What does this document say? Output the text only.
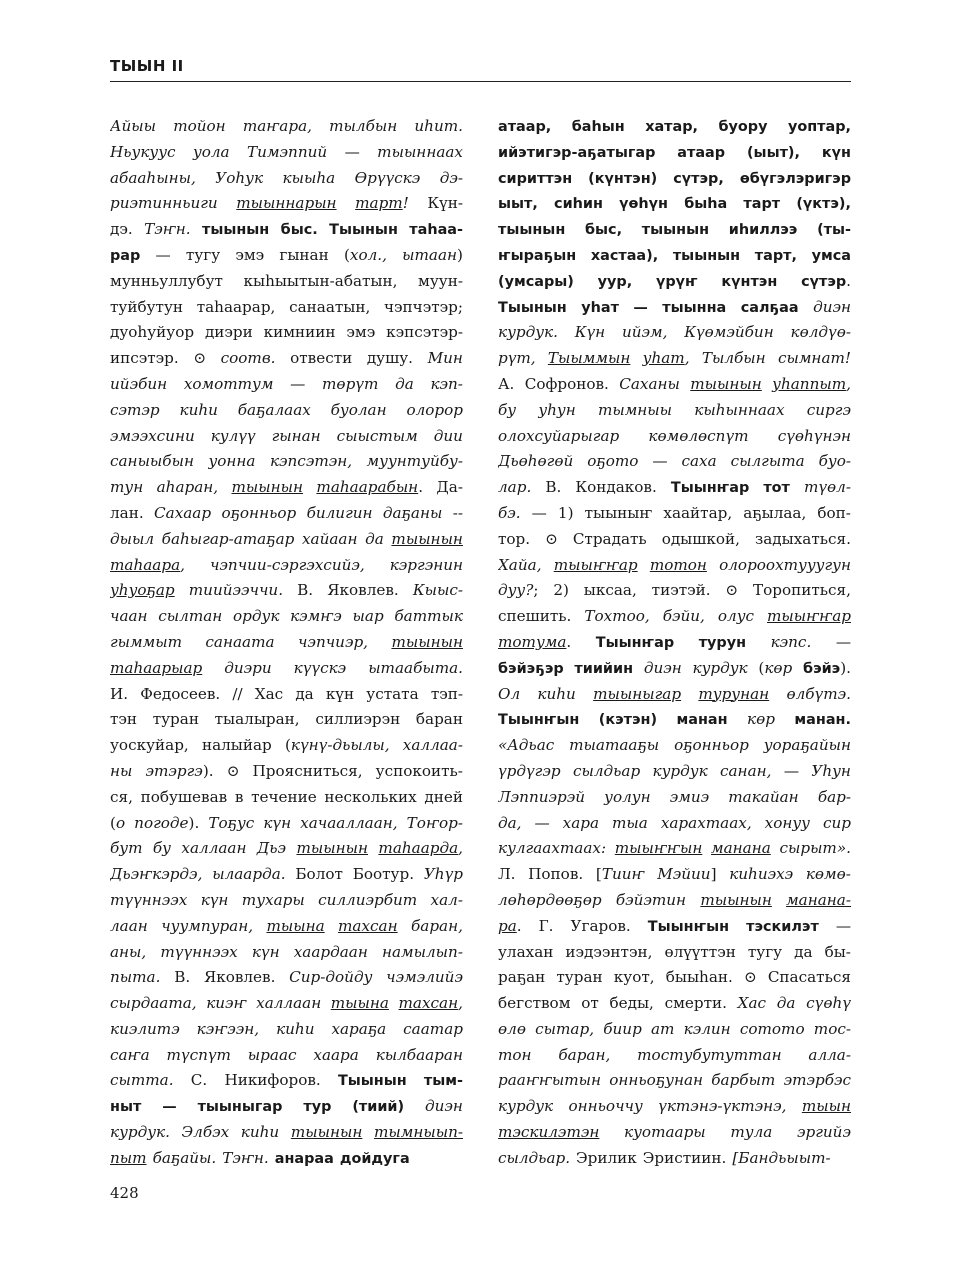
ТЫЫН II
Айыы тойон таҥара, тылбын иһит.
Ньукуус уола Тимэппий — тыыннаах
абааһыны, Уоһук кыыһа Өрүүскэ дэ-
риэтинньиги тыыннарын тарт! Күн-
дэ. Тэҥн. тыынын быс. Тыынын таһаа-
рар — тугу эмэ гынан (хол., ытаан)
мунньуллубут кыһыытын-абатын, муун-
туйбутун таһаарар, санаатын, чэпчэтэр;
дуоһуйуор диэри кимниин эмэ кэпсэтэр-
ипсэтэр. ⊙ соотв. отвести душу. Мин
ийэбин хомоттум — төрүт да кэп-
сэтэр киһи баҕалаах буолан олорор
эмээхсини кулүү гынан сыыстым дии
саныыбын уонна кэпсэтэн, муунтуйбу-
тун аһаран, тыынын таһаарабын. Да-
лан. Сахаар оҕонньор билигин даҕаны --
дыыл баһыгар-атаҕар хайаан да тыынын
таһаара, чэпчии-сэргэхсийэ, кэргэнин
уһуоҕар тиийээччи. В. Яковлев. Кыыс-
чаан сылтан ордук кэмҥэ ыар баттык
гыммыт санаата чэпчиэр, тыынын
таһаарыар диэри күүскэ ытаабыта.
И. Федосеев. // Хас да күн устата тэп-
тэн туран тыалыран, силлиэрэн баран
уоскуйар, налыйар (күнү-дьылы, халлаа-
ны этэргэ). ⊙ Проясниться, успокоить-
ся, побушевав в течение нескольких дней
(о погоде). Тоҕус күн хачааллаан, Тоҥор-
бут бу халлаан Дьэ тыынын таһаарда,
Дьэҥкэрдэ, ылаарда. Болот Боотур. Уһүр
түүннээх күн тухары силлиэрбит хал-
лаан чуумпуран, тыына тахсан баран,
аны, түүннээх күн хаардаан намылып-
пыта. В. Яковлев. Сир-дойду чэмэлийэ
сырдаата, киэҥ халлаан тыына тахсан,
киэлитэ кэҥээн, киһи хараҕа саатар
саҥа түспүт ыраас хаара кылбааран
сытта. С. Никифоров. Тыынын тым-
ныт — тыыныгар тур (тиий) диэн
курдук. Элбэх киһи тыынын тымныып-
пыт баҕайы. Тэҥн. анараа дойдуга
атаар, баһын хатар, буору уоптар,
ийэтигэр-аҕатыгар атаар (ыыт), күн
сириттэн (күнтэн) сүтэр, өбүгэлэригэр
ыыт, сиһин үөһүн быһа тарт (үктэ),
тыынын быс, тыынын иһиллээ (ты-
ҥыраҕын хастаа), тыынын тарт, умса
(умсары) уур, үрүҥ күнтэн сүтэр.
Тыынын уһат — тыынна салҕаа диэн
курдук. Күн ийэм, Күөмэйбин көлдүө-
рүт, Тыыммын уһат, Тылбын сымнат!
А. Софронов. Саханы тыынын уһаппыт,
бу уһун тымныы кыһыннаах сиргэ
олохсуйарыгар көмөлөспүт сүөһүнэн
Дьөһөгөй оҕото — саха сылгыта буо-
лар. В. Кондаков. Тыынҥар тот түөл-
бэ. — 1) тыыныҥ хаайтар, аҕылаа, боп-
тор. ⊙ Страдать одышкой, задыхаться.
Хайа, тыыҥҥар тотон олороохтууугун
дуу?; 2) ыксаа, тиэтэй. ⊙ Торопиться,
спешить. Тохтоо, бэйи, олус тыыҥҥар
тотума. Тыынҥар турун кэпс. —
бэйэҕэр тиийин диэн курдук (көр бэйэ).
Ол киһи тыыныгар турунан өлбүтэ.
Тыынҥын (кэтэн) манан көр манан.
«Адьас тыатааҕы оҕонньор уораҕайын
үрдүгэр сылдьар курдук санан, — Уһун
Лэппиэрэй уолун эмиэ такайан бар-
да, — хара тыа харахтаах, хонуу сир
кулгаахтаах: тыыҥҥын манана сырыт».
Л. Попов. [Тииҥ Мэйии] киһиэхэ көмө-
лөһөрдөөҕөр бэйэтин тыынын манана-
ра. Г. Угаров. Тыынҥын тэскилэт —
улахан иэдээнтэн, өлүүттэн тугу да бы-
раҕан туран куот, быыһан. ⊙ Спасаться
бегством от беды, смерти. Хас да сүөһү
өлө сытар, биир ат кэлин сотото тос-
тон баран, тостубутуттан алла-
рааҥҥытын онньоҕунан барбыт этэрбэс
курдук онньоччу үктэнэ-үктэнэ, тыын
тэскилэтэн куотаары тула эргийэ
сылдьар. Эрилик Эристиин. [Бандьыыт-
428
